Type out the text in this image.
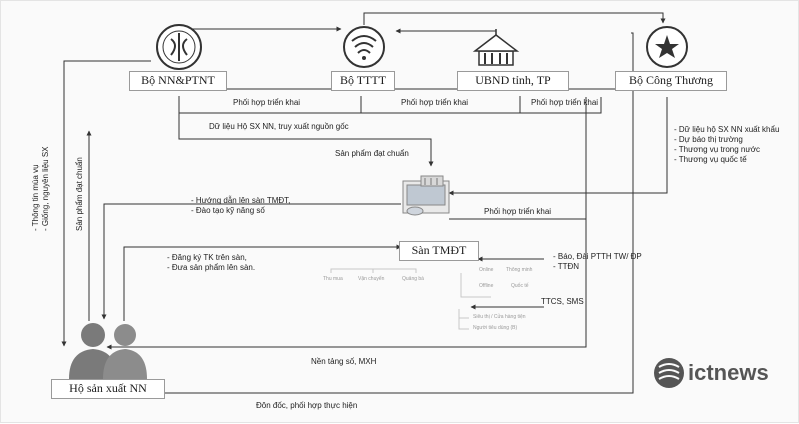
Bộ NN&PTNT	Bộ TTTT	UBND tỉnh, TP	Bộ Công Thương
Sàn TMĐT
Hộ sản xuất NN
Phối hợp triển khai	Phối hợp triển khai	Phối hợp triển khai
Dữ liệu Hộ SX NN, truy xuất nguồn gốc
Sản phẩm đạt chuẩn
- Dữ liệu hộ SX NN xuất khẩu
- Dự báo thị trường
- Thương vụ trong nước
- Thương vụ quốc tế
- Hướng dẫn lên sàn TMĐT,
- Đào tạo kỹ năng số	Phối hợp triển khai
- Đăng ký TK trên sàn,
- Đưa sản phẩm lên sàn.
- Báo, Đài PTTH TW/ ĐP
- TTĐN
TTCS, SMS
Nền tảng số, MXH
Đôn đốc, phối hợp thực hiện
- Thông tin mùa vụ - Giống, nguyên liệu SX	Sản phẩm đạt chuẩn
Thu mua	Vận chuyển	Quảng bá
Online	Thông minh
Offline	Quốc tế
Siêu thị / Cửa hàng tiện
Người tiêu dùng (B)
ictnews
